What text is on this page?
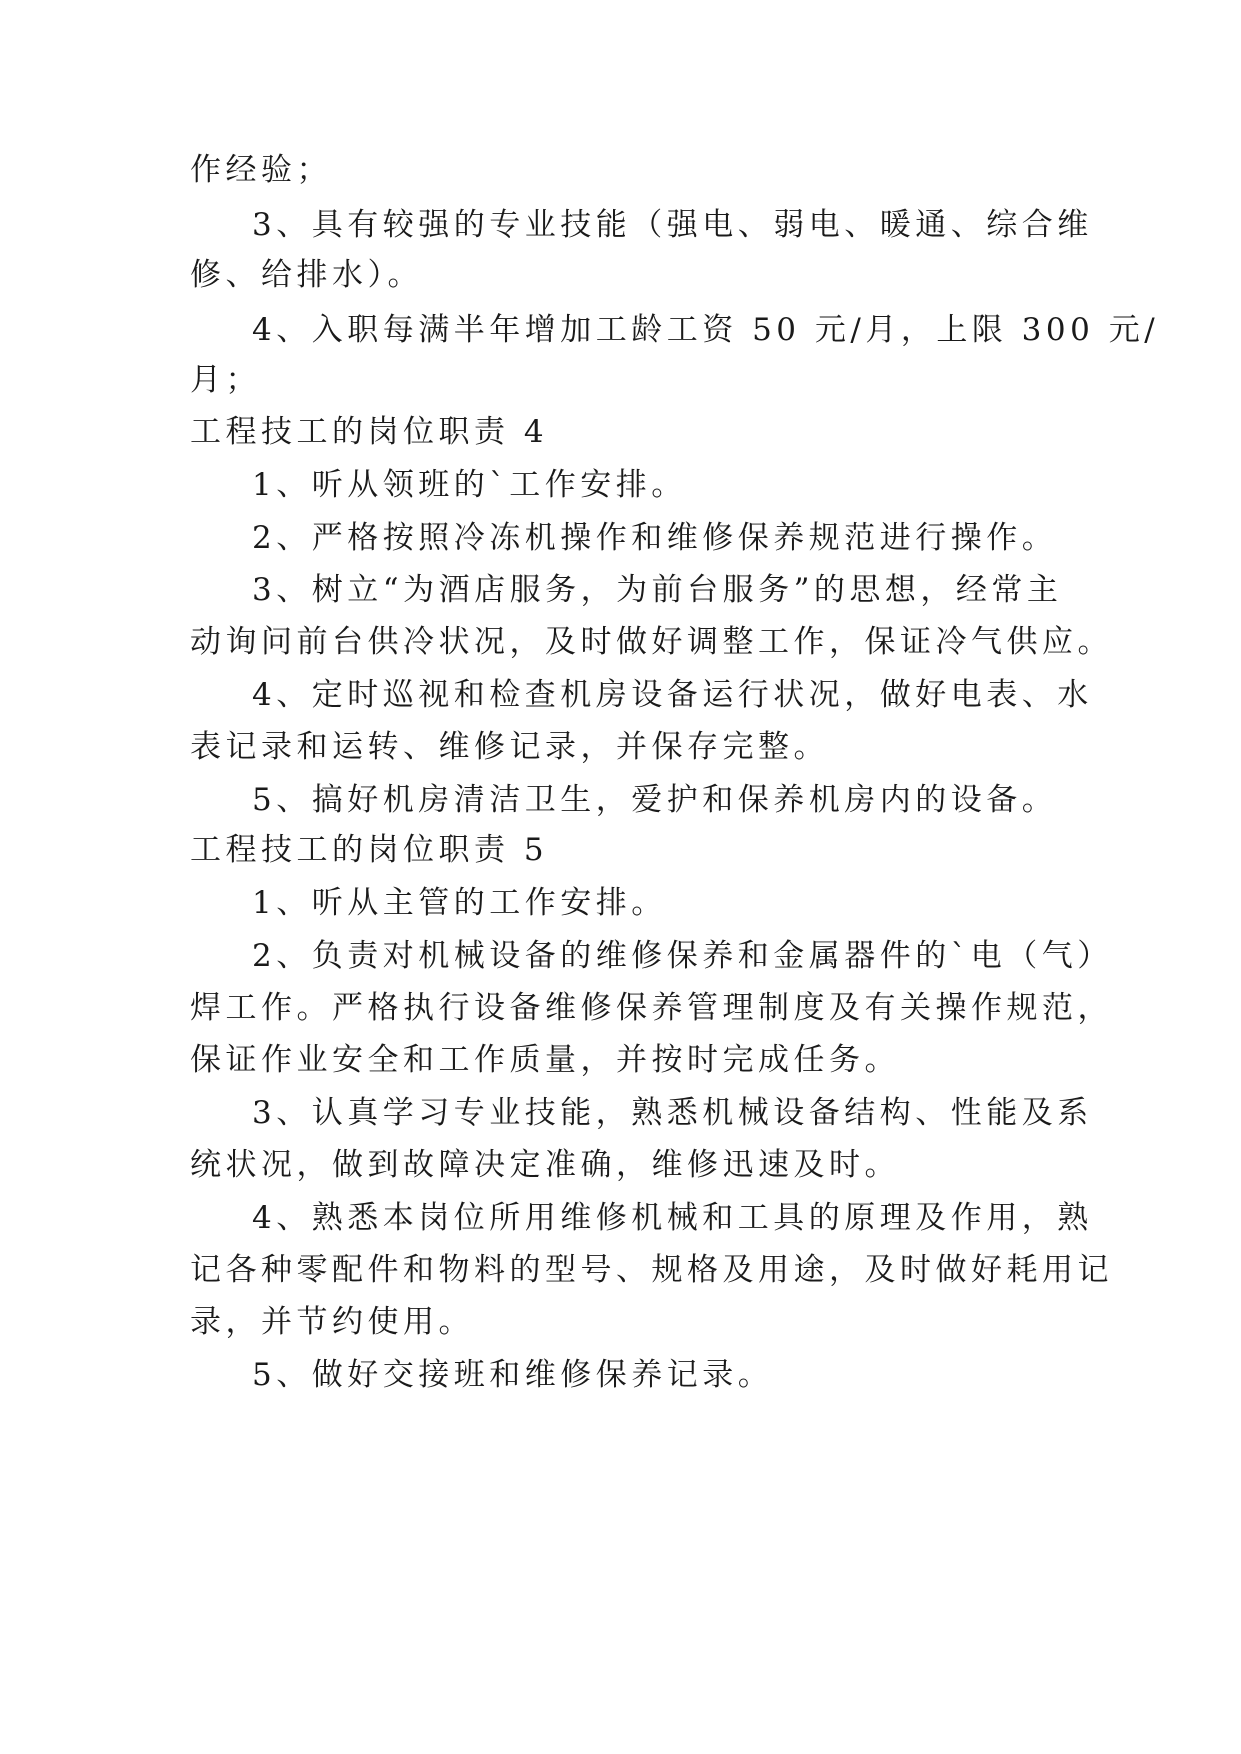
作经验；
3、具有较强的专业技能（强电、弱电、暖通、综合维
修、给排水）。
4、入职每满半年增加工龄工资 50 元/月，上限 300 元/
月；
工程技工的岗位职责 4
1、听从领班的`工作安排。
2、严格按照冷冻机操作和维修保养规范进行操作。
3、树立“为酒店服务，为前台服务”的思想，经常主
动询问前台供冷状况，及时做好调整工作，保证冷气供应。
4、定时巡视和检查机房设备运行状况，做好电表、水
表记录和运转、维修记录，并保存完整。
5、搞好机房清洁卫生，爱护和保养机房内的设备。
工程技工的岗位职责 5
1、听从主管的工作安排。
2、负责对机械设备的维修保养和金属器件的`电（气）
焊工作。严格执行设备维修保养管理制度及有关操作规范，
保证作业安全和工作质量，并按时完成任务。
3、认真学习专业技能，熟悉机械设备结构、性能及系
统状况，做到故障决定准确，维修迅速及时。
4、熟悉本岗位所用维修机械和工具的原理及作用，熟
记各种零配件和物料的型号、规格及用途，及时做好耗用记
录，并节约使用。
5、做好交接班和维修保养记录。
